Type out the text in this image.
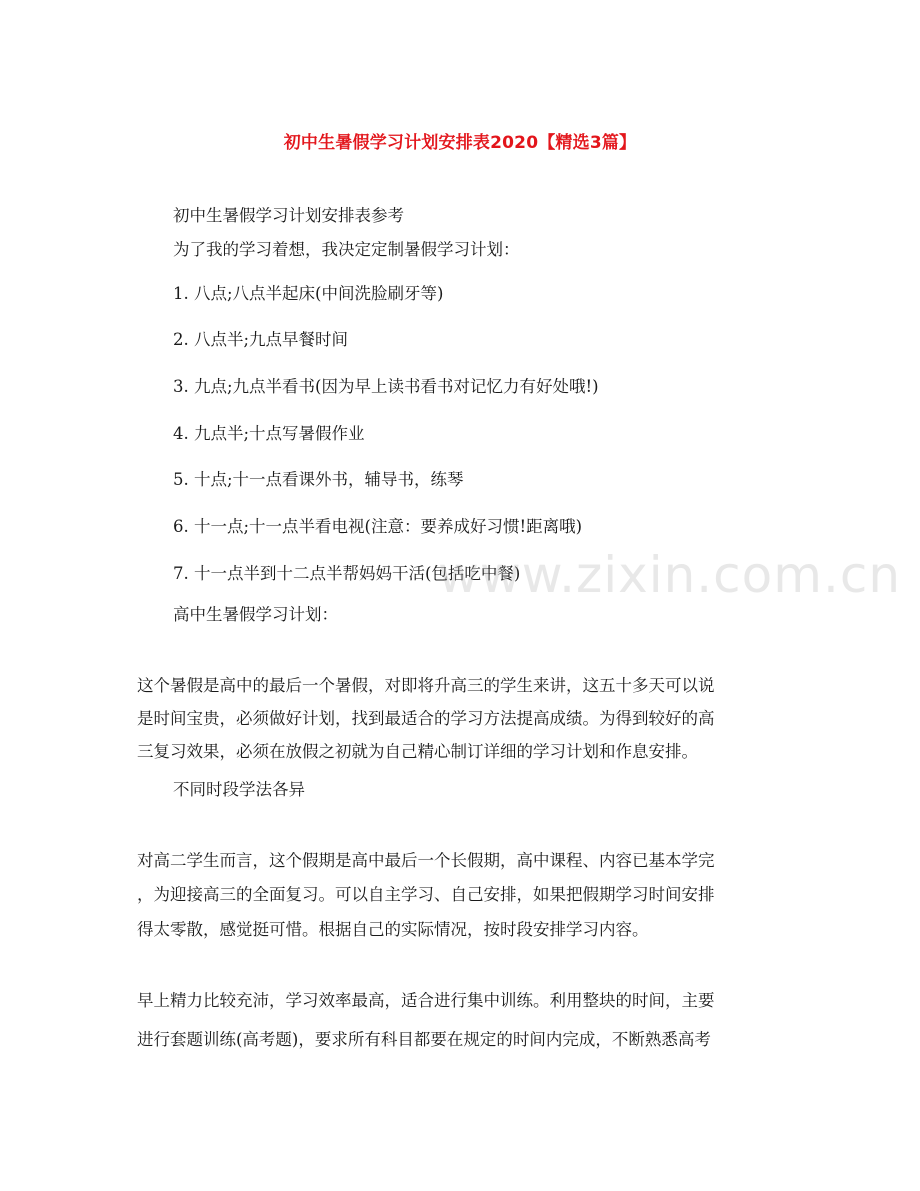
初中生暑假学习计划安排表2020【精选3篇】
初中生暑假学习计划安排表参考
为了我的学习着想，我决定定制暑假学习计划：
1. 八点;八点半起床(中间洗脸刷牙等)
2. 八点半;九点早餐时间
3. 九点;九点半看书(因为早上读书看书对记忆力有好处哦!)
4. 九点半;十点写暑假作业
5. 十点;十一点看课外书，辅导书，练琴
6. 十一点;十一点半看电视(注意：要养成好习惯!距离哦)
7. 十一点半到十二点半帮妈妈干活(包括吃中餐)
高中生暑假学习计划：
这个暑假是高中的最后一个暑假，对即将升高三的学生来讲，这五十多天可以说
是时间宝贵，必须做好计划，找到最适合的学习方法提高成绩。为得到较好的高
三复习效果，必须在放假之初就为自己精心制订详细的学习计划和作息安排。
不同时段学法各异
对高二学生而言，这个假期是高中最后一个长假期，高中课程、内容已基本学完
，为迎接高三的全面复习。可以自主学习、自己安排，如果把假期学习时间安排
得太零散，感觉挺可惜。根据自己的实际情况，按时段安排学习内容。
早上精力比较充沛，学习效率最高，适合进行集中训练。利用整块的时间，主要
进行套题训练(高考题)，要求所有科目都要在规定的时间内完成，不断熟悉高考
www.zixin.com.cn
